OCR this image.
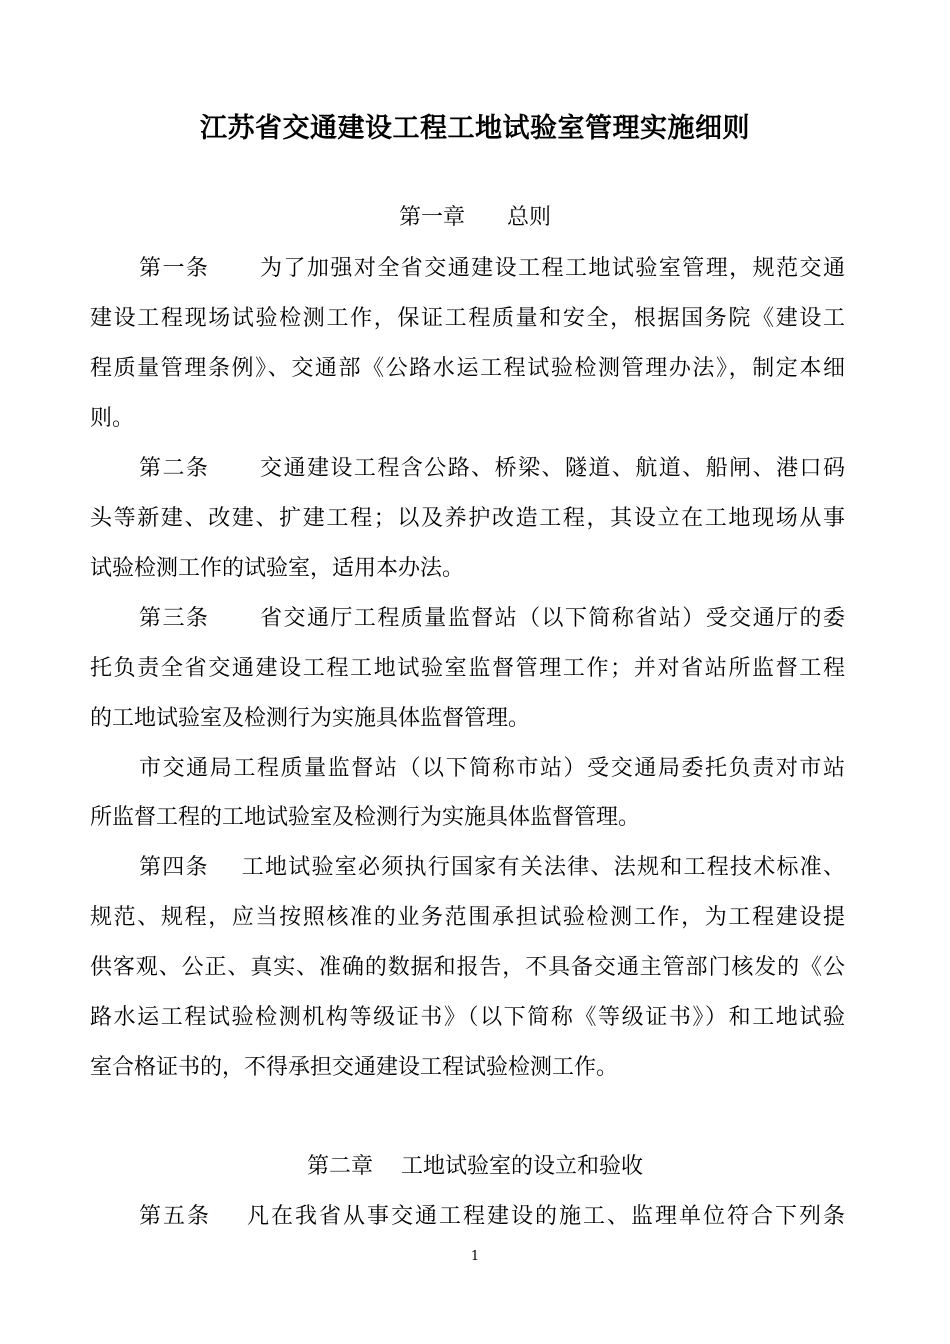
江苏省交通建设工程工地试验室管理实施细则
第一章      总则
第一条      为了加强对全省交通建设工程工地试验室管理，规范交通
建设工程现场试验检测工作，保证工程质量和安全，根据国务院《建设工
程质量管理条例》、交通部《公路水运工程试验检测管理办法》，制定本细
则。
第二条      交通建设工程含公路、桥梁、隧道、航道、船闸、港口码
头等新建、改建、扩建工程；以及养护改造工程，其设立在工地现场从事
试验检测工作的试验室，适用本办法。
第三条      省交通厅工程质量监督站（以下简称省站）受交通厅的委
托负责全省交通建设工程工地试验室监督管理工作；并对省站所监督工程
的工地试验室及检测行为实施具体监督管理。
市交通局工程质量监督站（以下简称市站）受交通局委托负责对市站
所监督工程的工地试验室及检测行为实施具体监督管理。
第四条    工地试验室必须执行国家有关法律、法规和工程技术标准、
规范、规程，应当按照核准的业务范围承担试验检测工作，为工程建设提
供客观、公正、真实、准确的数据和报告，不具备交通主管部门核发的《公
路水运工程试验检测机构等级证书》（以下简称《等级证书》）和工地试验
室合格证书的，不得承担交通建设工程试验检测工作。
第二章    工地试验室的设立和验收
第五条    凡在我省从事交通工程建设的施工、监理单位符合下列条
1
